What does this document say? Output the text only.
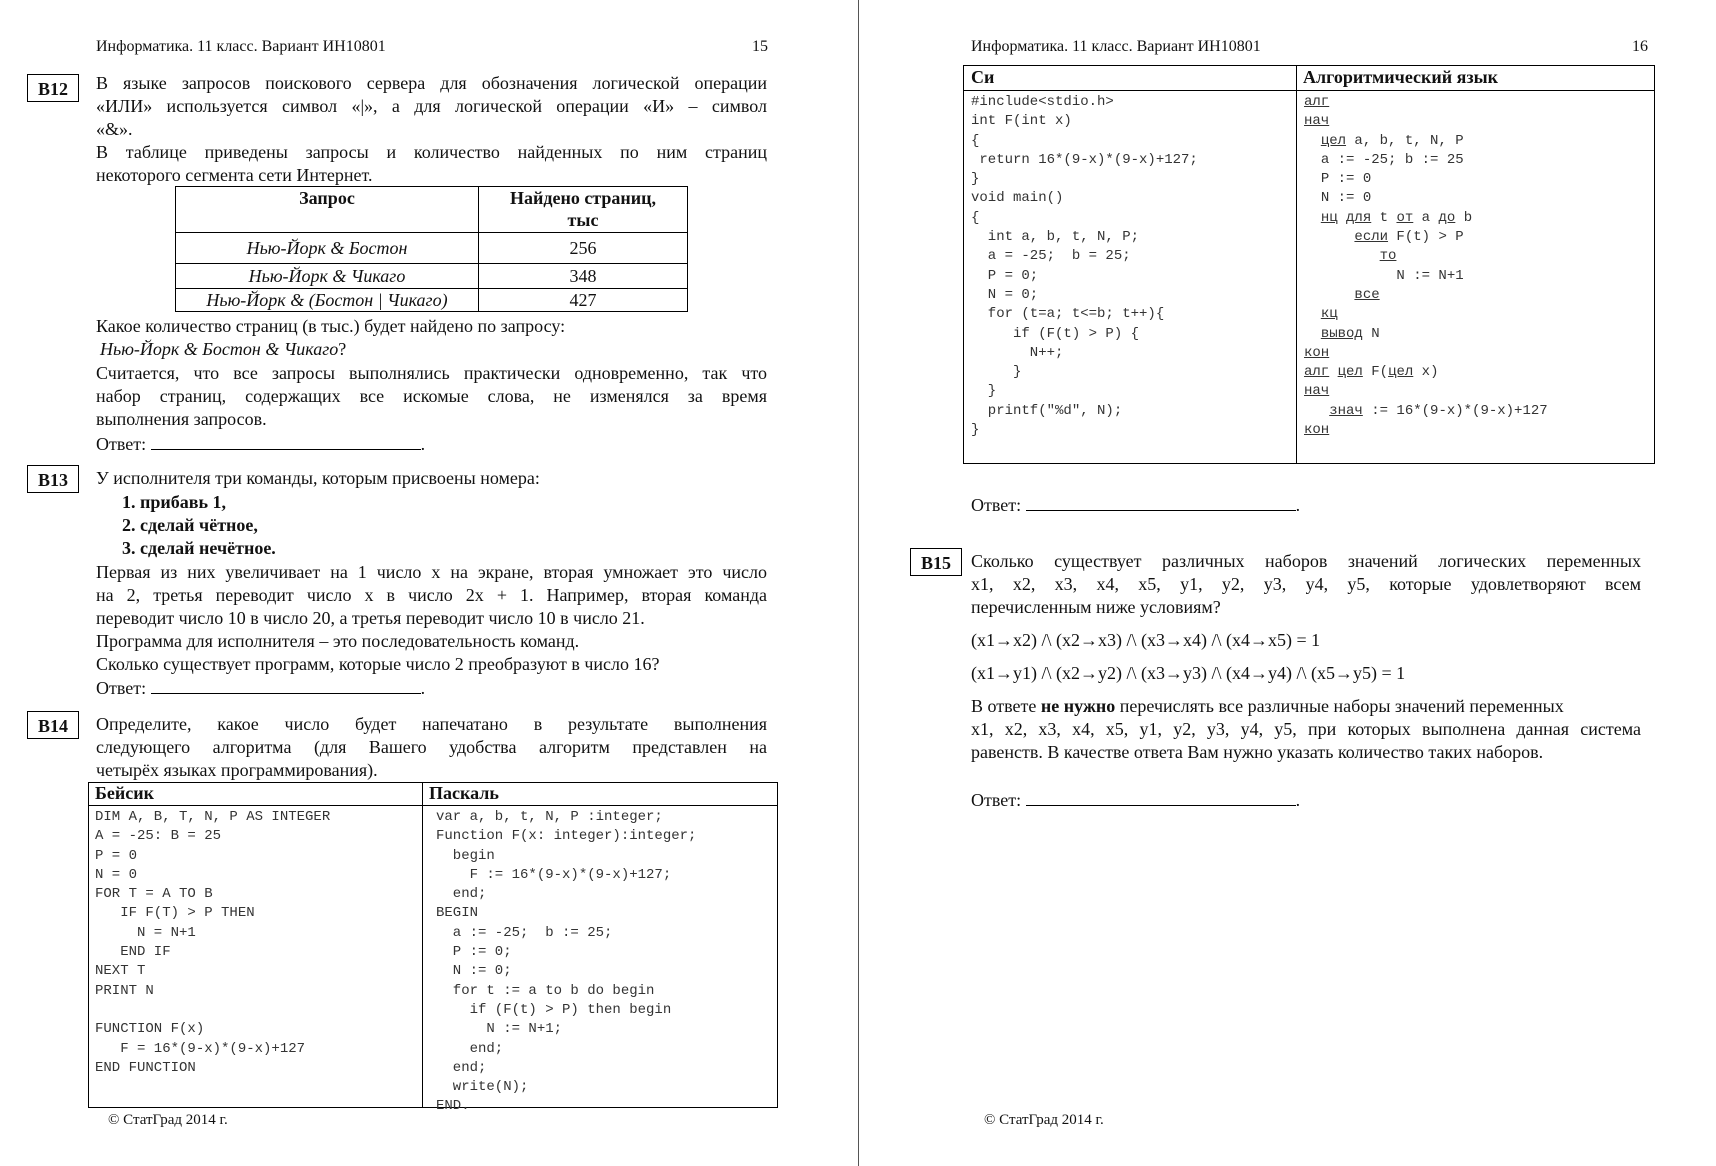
Информатика. 11 класс. Вариант ИН10801	15
B12	В языке запросов поискового сервера для обозначения логической операции
«ИЛИ» используется символ «|», а для логической операции «И» – символ
«&».
В таблице приведены запросы и количество найденных по ним страниц
некоторого сегмента сети Интернет.
Запрос	Найдено страниц,
тыс
Нью-Йорк & Бостон	256
Нью-Йорк & Чикаго	348
Нью-Йорк & (Бостон | Чикаго)	427
Какое количество страниц (в тыс.) будет найдено по запросу:
Нью-Йорк & Бостон & Чикаго?
Считается, что все запросы выполнялись практически одновременно, так что
набор страниц, содержащих все искомые слова, не изменялся за время
выполнения запросов.
Ответ:	.
B13	У исполнителя три команды, которым присвоены номера:
1. прибавь 1,
2. сделай чётное,
3. сделай нечётное.
Первая из них увеличивает на 1 число x на экране, вторая умножает это число
на 2, третья переводит число x в число 2x + 1. Например, вторая команда
переводит число 10 в число 20, а третья переводит число 10 в число 21.
Программа для исполнителя – это последовательность команд.
Сколько существует программ, которые число 2 преобразуют в число 16?
Ответ:	.
B14	Определите, какое число будет напечатано в результате выполнения
следующего алгоритма (для Вашего удобства алгоритм представлен на
четырёх языках программирования).
Бейсик	Паскаль
DIM A, B, T, N, P AS INTEGER
A = -25: B = 25
P = 0
N = 0
FOR T = A TO B
IF F(T) > P THEN
N = N+1
END IF
NEXT T
PRINT N

FUNCTION F(x)
F = 16*(9-x)*(9-x)+127
END FUNCTION
var a, b, t, N, P :integer;
Function F(x: integer):integer;
begin
F := 16*(9-x)*(9-x)+127;
end;
BEGIN
a := -25;  b := 25;
P := 0;
N := 0;
for t := a to b do begin
if (F(t) > P) then begin
N := N+1;
end;
end;
write(N);
END.
© СтатГрад 2014 г.
Информатика. 11 класс. Вариант ИН10801	16
Си	Алгоритмический язык
#include<stdio.h>
int F(int x)
{
return 16*(9-x)*(9-x)+127;
}
void main()
{
int a, b, t, N, P;
a = -25;  b = 25;
P = 0;
N = 0;
for (t=a; t<=b; t++){
if (F(t) > P) {
N++;
}
}
printf("%d", N);
}
алг
нач
цел a, b, t, N, P
a := -25; b := 25
P := 0
N := 0
нц для t от a до b
если F(t) > P
то
N := N+1
все
кц
вывод N
кон
алг цел F(цел x)
нач
знач := 16*(9-x)*(9-x)+127
кон
Ответ:	.
B15	Сколько существует различных наборов значений логических переменных
x1, x2, x3, x4, x5, y1, y2, y3, y4, y5, которые удовлетворяют всем
перечисленным ниже условиям?
(x1→x2) /\ (x2→x3) /\ (x3→x4) /\ (x4→x5) = 1
(x1→y1) /\ (x2→y2) /\ (x3→y3) /\ (x4→y4) /\ (x5→y5) = 1
В ответе не нужно перечислять все различные наборы значений переменных
x1, x2, x3, x4, x5, y1, y2, y3, y4, y5, при которых выполнена данная система
равенств. В качестве ответа Вам нужно указать количество таких наборов.
Ответ:	.
© СтатГрад 2014 г.
